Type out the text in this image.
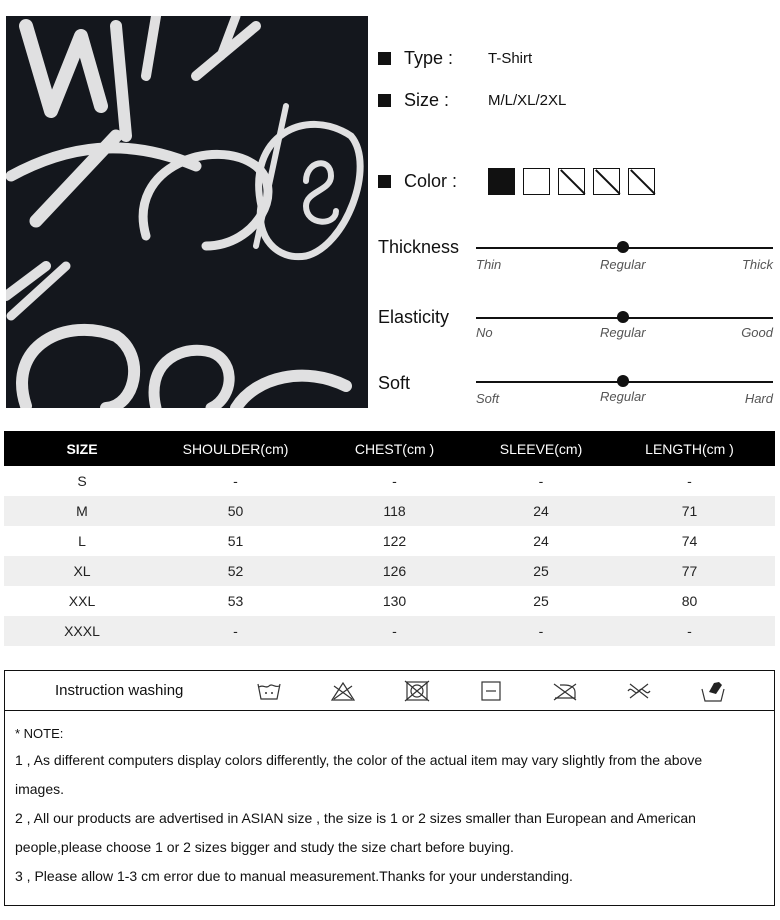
Type :	T-Shirt
Size :	M/L/XL/2XL
Color :
Thickness
Thin	Regular	Thick
Elasticity
No	Regular	Good
Soft
Soft	Regular	Hard
SIZE	SHOULDER(cm)	CHEST(cm )	SLEEVE(cm)	LENGTH(cm )
S	-	-	-	-
M	50	118	24	71
L	51	122	24	74
XL	52	126	25	77
XXL	53	130	25	80
XXXL	-	-	-	-
Instruction washing
* NOTE:
1 , As different computers display colors differently, the color of the actual item may vary slightly from the above
images.
2 , All our products are advertised in ASIAN size , the size is 1 or 2 sizes smaller than European and American
people,please choose 1 or 2 sizes bigger and study the size chart before buying.
3 , Please allow 1-3 cm error due to manual measurement.Thanks for your understanding.
